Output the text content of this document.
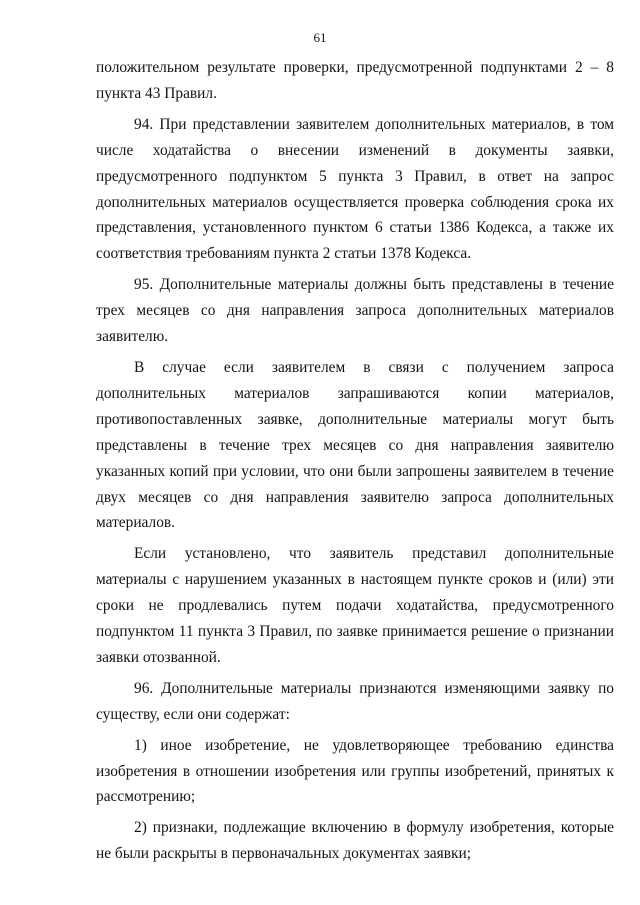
61

положительном результате проверки, предусмотренной подпунктами 2 – 8 пункта 43 Правил.

94. При представлении заявителем дополнительных материалов, в том числе ходатайства о внесении изменений в документы заявки, предусмотренного подпунктом 5 пункта 3 Правил, в ответ на запрос дополнительных материалов осуществляется проверка соблюдения срока их представления, установленного пунктом 6 статьи 1386 Кодекса, а также их соответствия требованиям пункта 2 статьи 1378 Кодекса.

95. Дополнительные материалы должны быть представлены в течение трех месяцев со дня направления запроса дополнительных материалов заявителю.

В случае если заявителем в связи с получением запроса дополнительных материалов запрашиваются копии материалов, противопоставленных заявке, дополнительные материалы могут быть представлены в течение трех месяцев со дня направления заявителю указанных копий при условии, что они были запрошены заявителем в течение двух месяцев со дня направления заявителю запроса дополнительных материалов.

Если установлено, что заявитель представил дополнительные материалы с нарушением указанных в настоящем пункте сроков и (или) эти сроки не продлевались путем подачи ходатайства, предусмотренного подпунктом 11 пункта 3 Правил, по заявке принимается решение о признании заявки отозванной.

96. Дополнительные материалы признаются изменяющими заявку по существу, если они содержат:

1) иное изобретение, не удовлетворяющее требованию единства изобретения в отношении изобретения или группы изобретений, принятых к рассмотрению;

2) признаки, подлежащие включению в формулу изобретения, которые не были раскрыты в первоначальных документах заявки;
